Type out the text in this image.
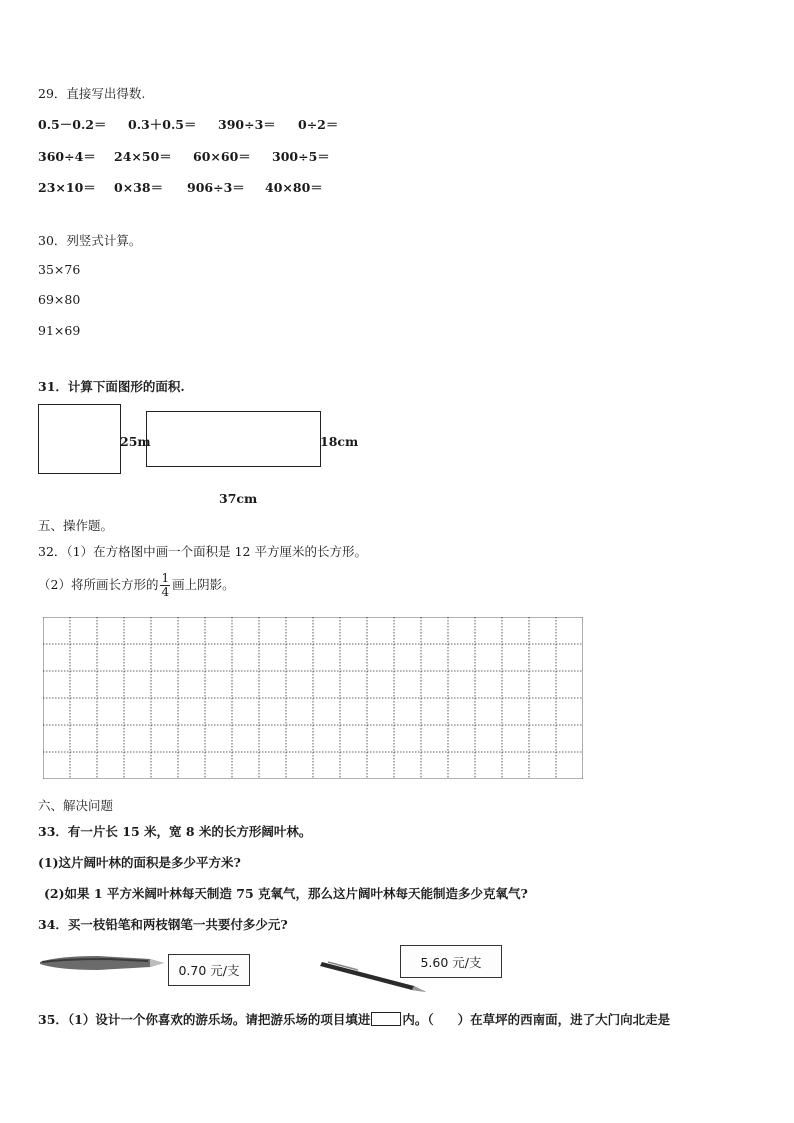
29．直接写出得数.
0.5－0.2＝ 0.3＋0.5＝ 390÷3＝ 0÷2＝
360÷4＝ 24×50＝ 60×60＝ 300÷5＝
23×10＝ 0×38＝ 906÷3＝ 40×80＝
30．列竖式计算。
35×76
69×80
91×69
31．计算下面图形的面积.
25m	18cm
37cm
五、操作题。
32．（1）在方格图中画一个面积是 12 平方厘米的长方形。
（2）将所画长方形的 $\frac{1}{4}$ 画上阴影。
六、解决问题
33．有一片长 15 米，宽 8 米的长方形阔叶林。
(1)这片阔叶林的面积是多少平方米?
(2)如果 1 平方米阔叶林每天制造 75 克氧气，那么这片阔叶林每天能制造多少克氧气?
34．买一枝铅笔和两枝钢笔一共要付多少元?
0.70 元/支
5.60 元/支
35．（1）设计一个你喜欢的游乐场。请把游乐场的项目填进	内。（ ）在草坪的西南面，进了大门向北走是
